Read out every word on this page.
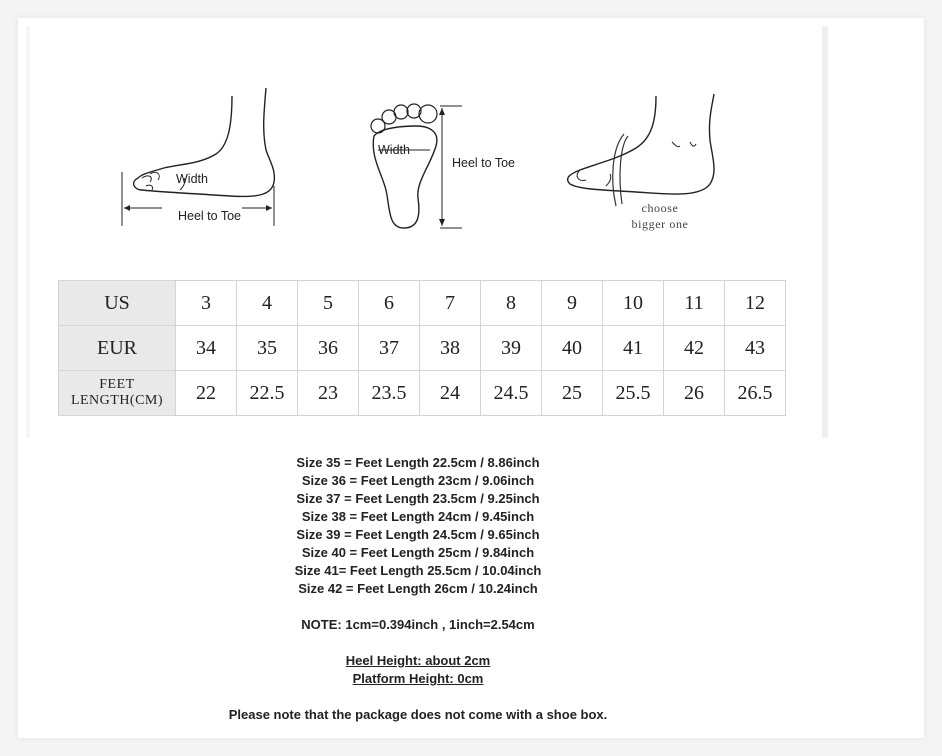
Width
Heel to Toe
Width
Heel to Toe
choose
bigger one
US	3	4	5	6	7	8	9	10	11	12
EUR	34	35	36	37	38	39	40	41	42	43

FEET
LENGTH(CM)	22	22.5	23	23.5	24	24.5	25	25.5	26	26.5
Size 35 = Feet Length 22.5cm / 8.86inch
Size 36 = Feet Length 23cm / 9.06inch
Size 37 = Feet Length 23.5cm / 9.25inch
Size 38 = Feet Length 24cm / 9.45inch
Size 39 = Feet Length 24.5cm / 9.65inch
Size 40 = Feet Length 25cm / 9.84inch
Size 41= Feet Length 25.5cm / 10.04inch
Size 42 = Feet Length 26cm / 10.24inch
NOTE: 1cm=0.394inch , 1inch=2.54cm
Heel Height: about 2cm
Platform Height: 0cm
Please note that the package does not come with a shoe box.
